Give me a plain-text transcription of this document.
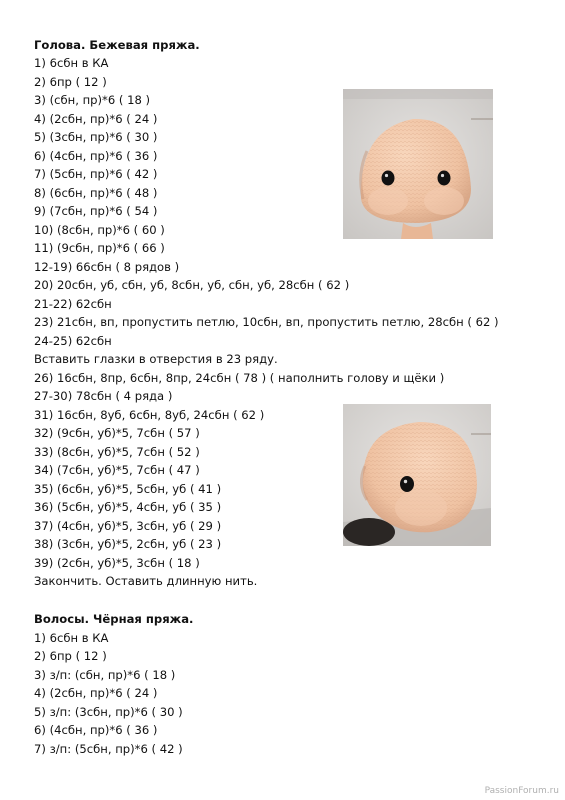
Голова. Бежевая пряжа.
1) 6сбн в КА
2) 6пр ( 12 )
3) (сбн, пр)*6 ( 18 )
4) (2сбн, пр)*6 ( 24 )
5) (3сбн, пр)*6 ( 30 )
6) (4сбн, пр)*6 ( 36 )
7) (5сбн, пр)*6 ( 42 )
8) (6сбн, пр)*6 ( 48 )
9) (7сбн, пр)*6 ( 54 )
10) (8сбн, пр)*6 ( 60 )
11) (9сбн, пр)*6 ( 66 )
12-19) 66сбн ( 8 рядов )
20) 20сбн, уб, сбн, уб, 8сбн, уб, сбн, уб, 28сбн ( 62 )
21-22) 62сбн
23) 21сбн, вп, пропустить петлю, 10сбн, вп, пропустить петлю, 28сбн ( 62 )
24-25) 62сбн
Вставить глазки в отверстия в 23 ряду.
26) 16сбн, 8пр, 6сбн, 8пр, 24сбн ( 78 ) ( наполнить голову и щёки )
27-30) 78сбн ( 4 ряда )
31) 16сбн, 8уб, 6сбн, 8уб, 24сбн ( 62 )
32) (9сбн, уб)*5, 7сбн ( 57 )
33) (8сбн, уб)*5, 7сбн ( 52 )
34) (7сбн, уб)*5, 7сбн ( 47 )
35) (6сбн, уб)*5, 5сбн, уб ( 41 )
36) (5сбн, уб)*5, 4сбн, уб ( 35 )
37) (4сбн, уб)*5, 3сбн, уб ( 29 )
38) (3сбн, уб)*5, 2сбн, уб ( 23 )
39) (2сбн, уб)*5, 3сбн ( 18 )
Закончить. Оставить длинную нить.
Волосы. Чёрная пряжа.
1) 6сбн в КА
2) 6пр ( 12 )
3) з/п: (сбн, пр)*6 ( 18 )
4) (2сбн, пр)*6 ( 24 )
5) з/п: (3сбн, пр)*6 ( 30 )
6) (4сбн, пр)*6 ( 36 )
7) з/п: (5сбн, пр)*6 ( 42 )
PassionForum.ru
